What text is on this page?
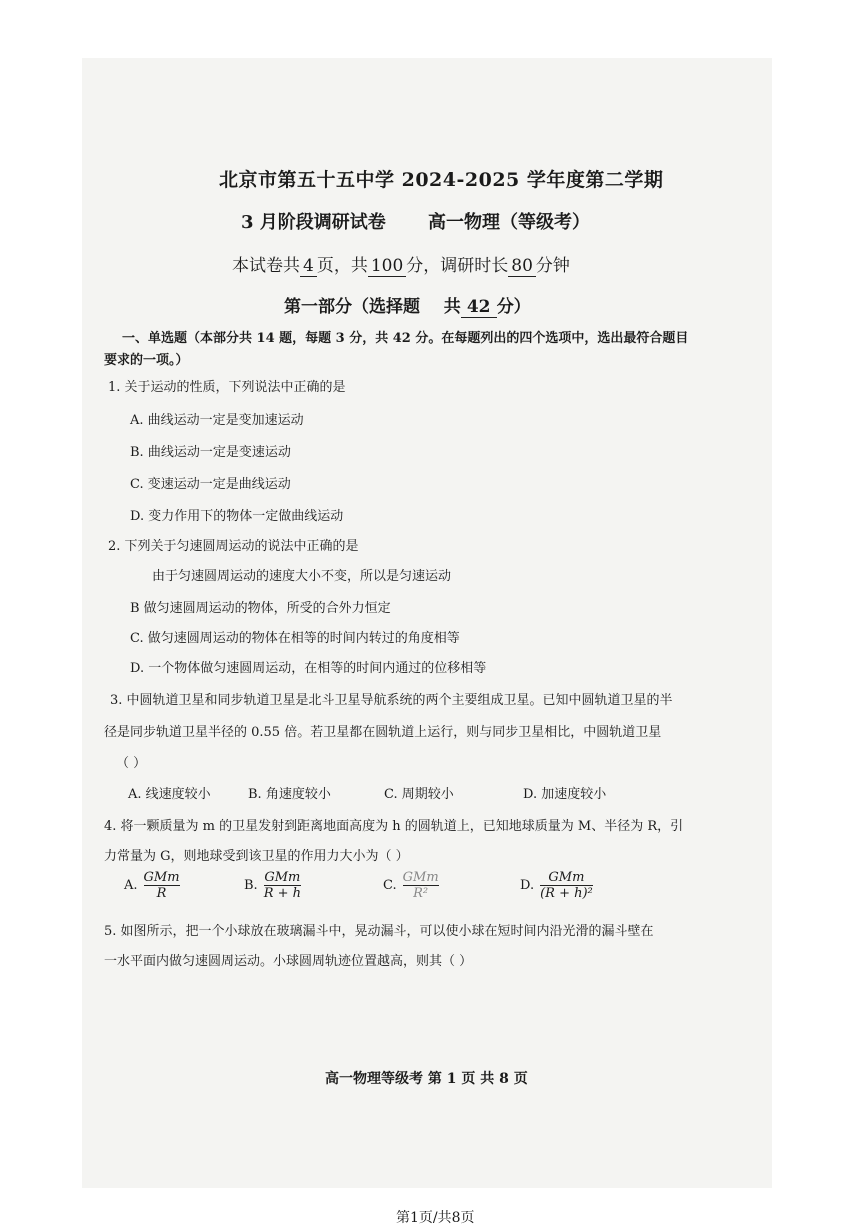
北京市第五十五中学 2024-2025 学年度第二学期
3 月阶段调研试卷 高一物理（等级考）
本试卷共 4 页，共 100 分，调研时长 80 分钟
第一部分（选择题 共 42 分）
一、单选题（本部分共 14 题，每题 3 分，共 42 分。在每题列出的四个选项中，选出最符合题目
要求的一项。）
1. 关于运动的性质，下列说法中正确的是
A. 曲线运动一定是变加速运动
B. 曲线运动一定是变速运动
C. 变速运动一定是曲线运动
D. 变力作用下的物体一定做曲线运动
2. 下列关于匀速圆周运动的说法中正确的是
由于匀速圆周运动的速度大小不变，所以是匀速运动
B 做匀速圆周运动的物体，所受的合外力恒定
C. 做匀速圆周运动的物体在相等的时间内转过的角度相等
D. 一个物体做匀速圆周运动，在相等的时间内通过的位移相等
3. 中圆轨道卫星和同步轨道卫星是北斗卫星导航系统的两个主要组成卫星。已知中圆轨道卫星的半
径是同步轨道卫星半径的 0.55 倍。若卫星都在圆轨道上运行，则与同步卫星相比，中圆轨道卫星
（ ）
A. 线速度较小	B. 角速度较小	C. 周期较小	D. 加速度较小
4. 将一颗质量为 m 的卫星发射到距离地面高度为 h 的圆轨道上，已知地球质量为 M、半径为 R，引
力常量为 G，则地球受到该卫星的作用力大小为（ ）
A. $\frac{\text{GMm}}{R}$	B. $\frac{\text{GMm}}{R + h}$	C. $\frac{\text{GMm}}{\text{R²}}$	D. $\frac{\text{GMm}}{\text{(R + h)²}}$
5. 如图所示，把一个小球放在玻璃漏斗中，晃动漏斗，可以使小球在短时间内沿光滑的漏斗壁在
一水平面内做匀速圆周运动。小球圆周轨迹位置越高，则其（ ）
高一物理等级考 第 1 页 共 8 页
第1页/共8页
